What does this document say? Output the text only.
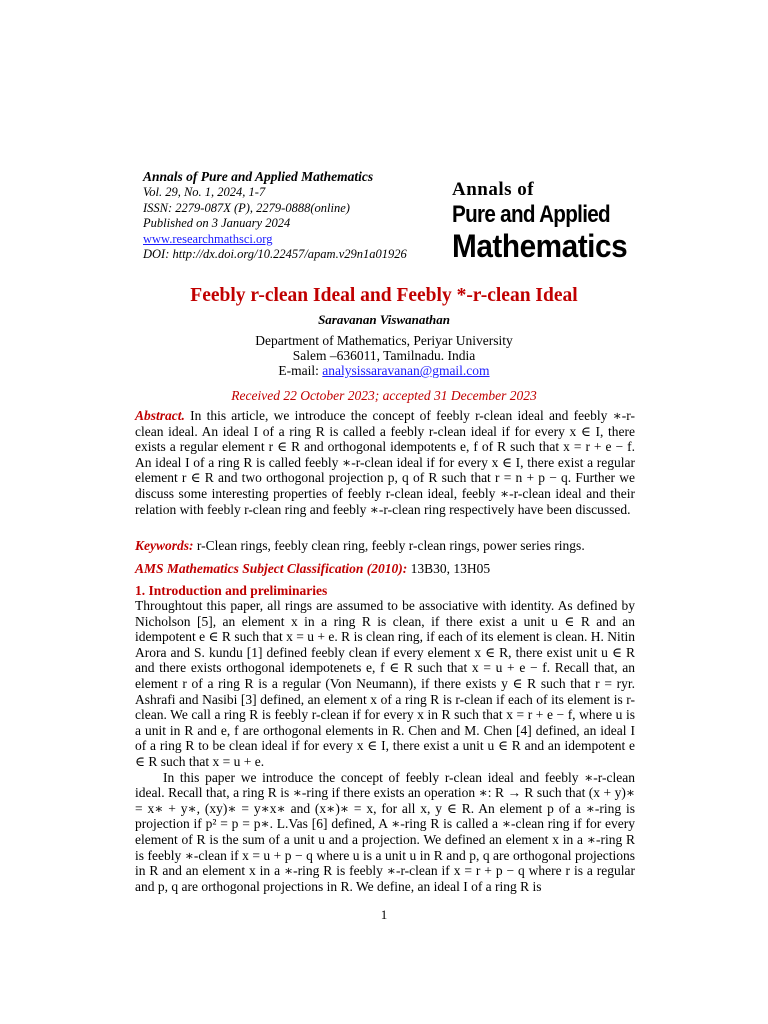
Annals of Pure and Applied Mathematics
Vol. 29, No. 1, 2024, 1-7
ISSN: 2279-087X (P), 2279-0888(online)
Published on 3 January 2024
www.researchmathsci.org
DOI: http://dx.doi.org/10.22457/apam.v29n1a01926
Annals of
Pure and Applied
Mathematics
Feebly r-clean Ideal and Feebly *-r-clean Ideal
Saravanan Viswanathan
Department of Mathematics, Periyar University
Salem –636011, Tamilnadu. India
E-mail: analysissaravanan@gmail.com
Received 22 October 2023; accepted 31 December 2023
Abstract. In this article, we introduce the concept of feebly r-clean ideal and feebly ∗-r-clean ideal. An ideal I of a ring R is called a feebly r-clean ideal if for every x ∈ I, there exists a regular element r ∈ R and orthogonal idempotents e, f of R such that x = r + e − f. An ideal I of a ring R is called feebly ∗-r-clean ideal if for every x ∈ I, there exist a regular element r ∈ R and two orthogonal projection p, q of R such that r = n + p − q. Further we discuss some interesting properties of feebly r-clean ideal, feebly ∗-r-clean ideal and their relation with feebly r-clean ring and feebly ∗-r-clean ring respectively have been discussed.
Keywords: r-Clean rings, feebly clean ring, feebly r-clean rings, power series rings.
AMS Mathematics Subject Classification (2010): 13B30, 13H05
1. Introduction and preliminaries

Throughtout this paper, all rings are assumed to be associative with identity. As defined by Nicholson [5], an element x in a ring R is clean, if there exist a unit u ∈ R and an idempotent e ∈ R such that x = u + e. R is clean ring, if each of its element is clean. H. Nitin Arora and S. kundu [1] defined feebly clean if every element x ∈ R, there exist unit u ∈ R and there exists orthogonal idempotenets e, f ∈ R such that x = u + e − f. Recall that, an element r of a ring R is a regular (Von Neumann), if there exists y ∈ R such that r = ryr. Ashrafi and Nasibi [3] defined, an element x of a ring R is r-clean if each of its element is r-clean. We call a ring R is feebly r-clean if for every x in R such that x = r + e − f, where u is a unit in R and e, f are orthogonal elements in R. Chen and M. Chen [4] defined, an ideal I of a ring R to be clean ideal if for every x ∈ I, there exist a unit u ∈ R and an idempotent e ∈ R such that x = u + e.

In this paper we introduce the concept of feebly r-clean ideal and feebly ∗-r-clean ideal. Recall that, a ring R is ∗-ring if there exists an operation ∗: R → R such that (x + y)∗ = x∗ + y∗, (xy)∗ = y∗x∗ and (x∗)∗ = x, for all x, y ∈ R. An element p of a ∗-ring is projection if p² = p = p∗. L.Vas [6] defined, A ∗-ring R is called a ∗-clean ring if for every element of R is the sum of a unit u and a projection. We defined an element x in a ∗-ring R is feebly ∗-clean if x = u + p − q where u is a unit u in R and p, q are orthogonal projections in R and an element x in a ∗-ring R is feebly ∗-r-clean if x = r + p − q where r is a regular and p, q are orthogonal projections in R. We define, an ideal I of a ring R is

1
